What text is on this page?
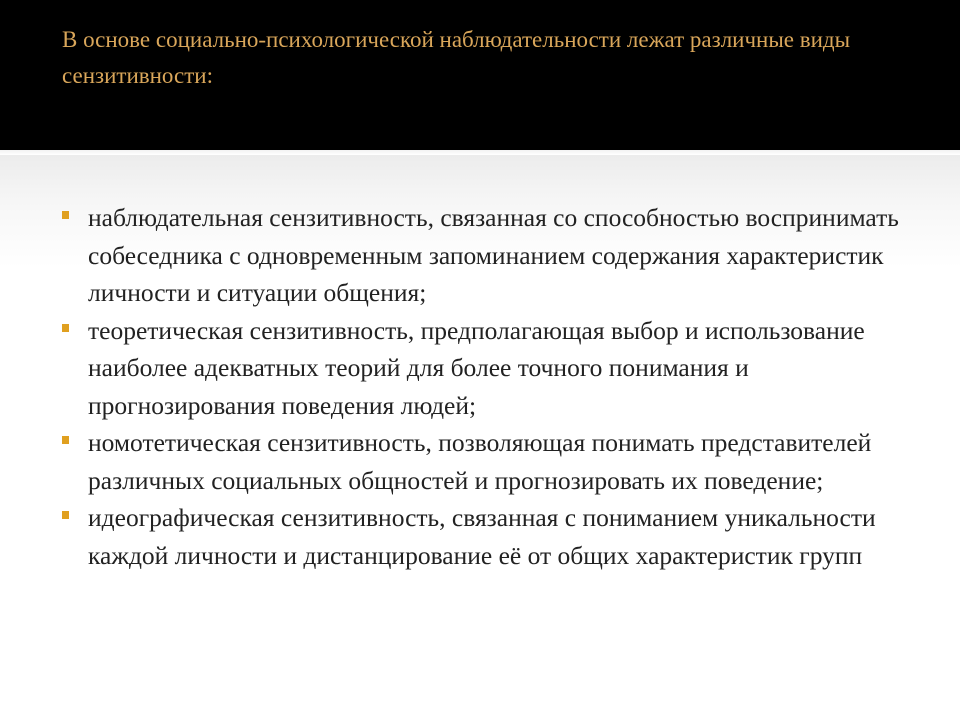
В основе социально-психологической наблюдательности лежат различные виды сензитивности:
наблюдательная сензитивность, связанная со способностью воспринимать собеседника с одновременным запоминанием содержания характеристик личности и ситуации общения;
теоретическая сензитивность, предполагающая выбор и использование наиболее адекватных теорий для более точного понимания и прогнозирования поведения людей;
номотетическая сензитивность, позволяющая понимать представителей различных социальных общностей и прогнозировать их поведение;
идеографическая сензитивность, связанная с пониманием уникальности каждой личности и дистанцирование её от общих характеристик групп
